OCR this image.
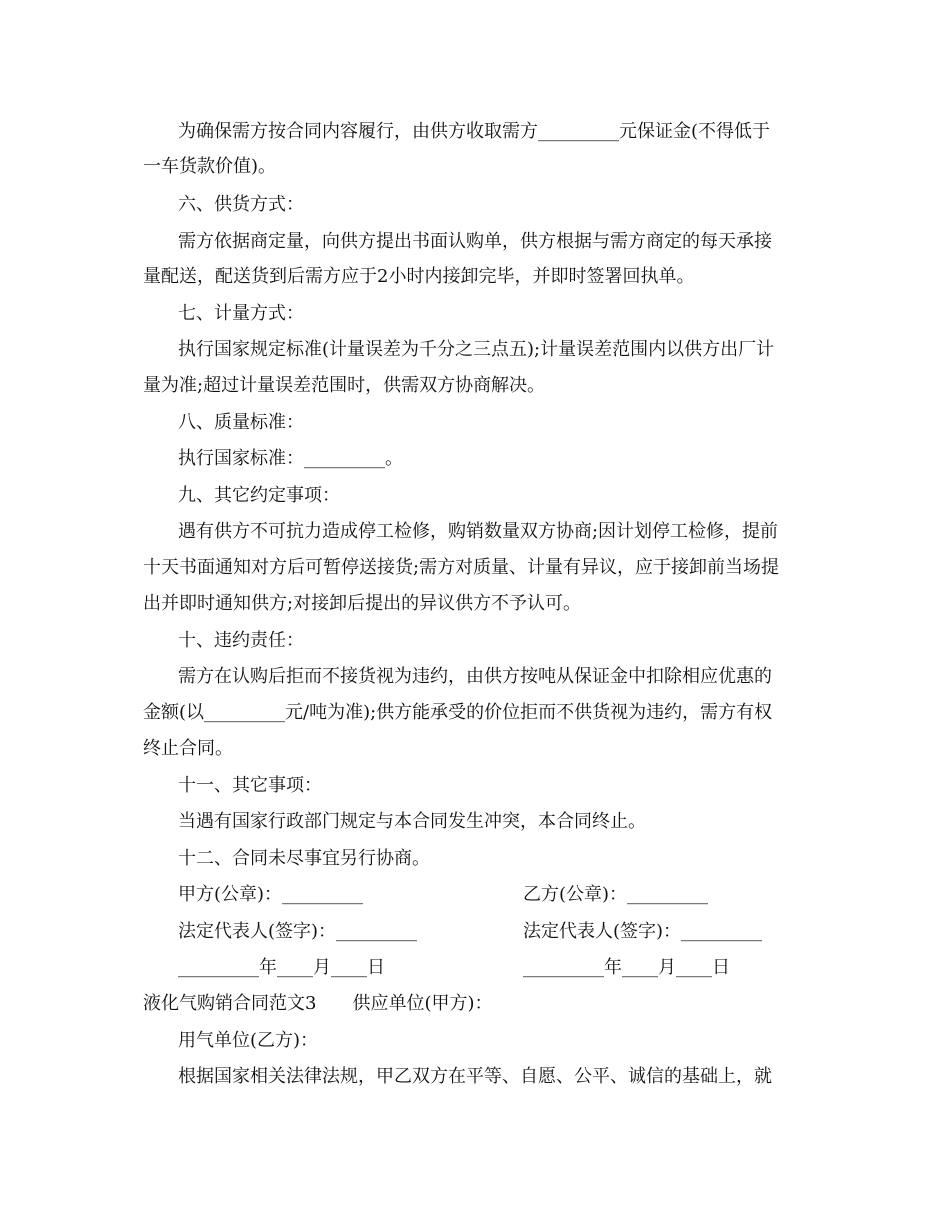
为确保需方按合同内容履行，由供方收取需方_________元保证金(不得低于
一车货款价值)。
六、供货方式：
需方依据商定量，向供方提出书面认购单，供方根据与需方商定的每天承接
量配送，配送货到后需方应于2小时内接卸完毕，并即时签署回执单。
七、计量方式：
执行国家规定标准(计量误差为千分之三点五);计量误差范围内以供方出厂计
量为准;超过计量误差范围时，供需双方协商解决。
八、质量标准：
执行国家标准：_________。
九、其它约定事项：
遇有供方不可抗力造成停工检修，购销数量双方协商;因计划停工检修，提前
十天书面通知对方后可暂停送接货;需方对质量、计量有异议，应于接卸前当场提
出并即时通知供方;对接卸后提出的异议供方不予认可。
十、违约责任：
需方在认购后拒而不接货视为违约，由供方按吨从保证金中扣除相应优惠的
金额(以_________元/吨为准);供方能承受的价位拒而不供货视为违约，需方有权
终止合同。
十一、其它事项：
当遇有国家行政部门规定与本合同发生冲突，本合同终止。
十二、合同未尽事宜另行协商。
甲方(公章)：_________	乙方(公章)：_________
法定代表人(签字)：_________	法定代表人(签字)：_________
_________年____月____日	_________年____月____日
液化气购销合同范文3　　供应单位(甲方)：
用气单位(乙方)：
根据国家相关法律法规，甲乙双方在平等、自愿、公平、诚信的基础上，就
